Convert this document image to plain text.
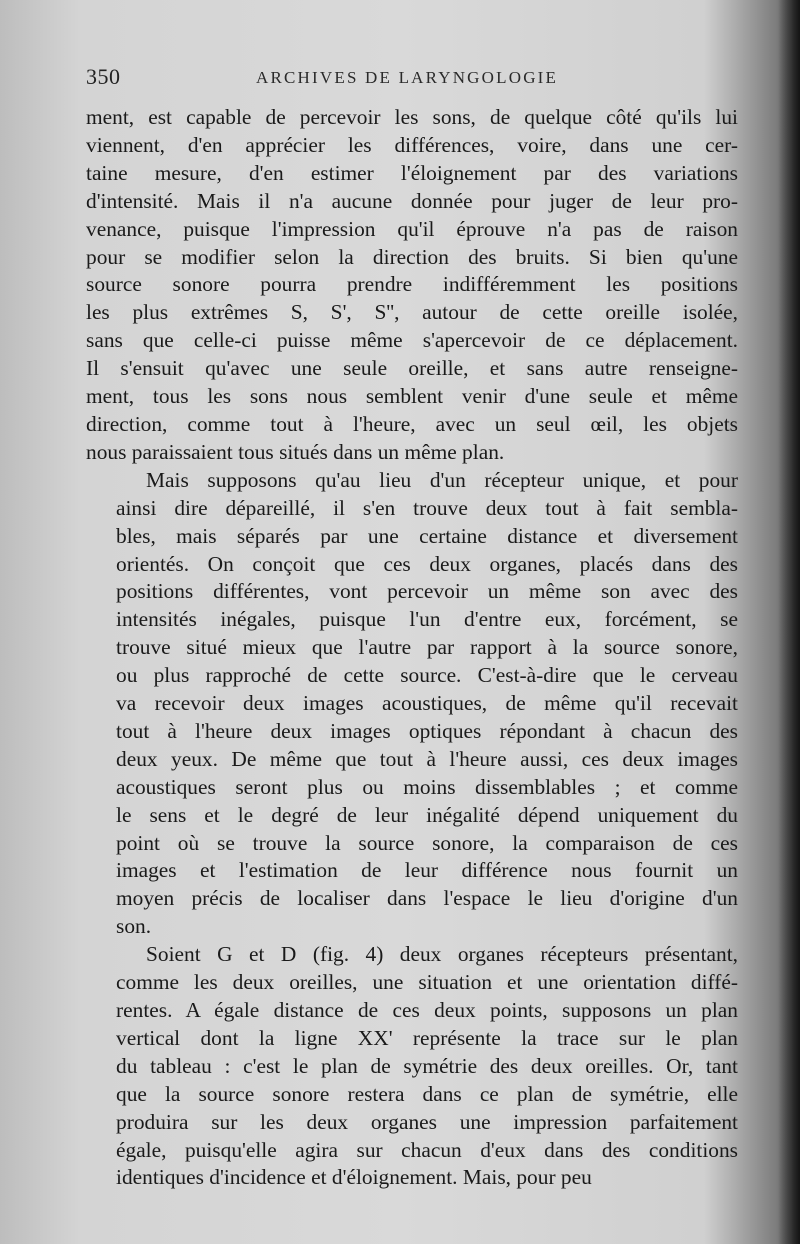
350	ARCHIVES DE LARYNGOLOGIE

ment, est capable de percevoir les sons, de quelque côté qu'ils lui
viennent, d'en apprécier les différences, voire, dans une cer-
taine mesure, d'en estimer l'éloignement par des variations
d'intensité. Mais il n'a aucune donnée pour juger de leur pro-
venance, puisque l'impression qu'il éprouve n'a pas de raison
pour se modifier selon la direction des bruits. Si bien qu'une
source sonore pourra prendre indifféremment les positions
les plus extrêmes S, S', S'', autour de cette oreille isolée,
sans que celle-ci puisse même s'apercevoir de ce déplacement.
Il s'ensuit qu'avec une seule oreille, et sans autre renseigne-
ment, tous les sons nous semblent venir d'une seule et même
direction, comme tout à l'heure, avec un seul œil, les objets
nous paraissaient tous situés dans un même plan.

Mais supposons qu'au lieu d'un récepteur unique, et pour
ainsi dire dépareillé, il s'en trouve deux tout à fait sembla-
bles, mais séparés par une certaine distance et diversement
orientés. On conçoit que ces deux organes, placés dans des
positions différentes, vont percevoir un même son avec des
intensités inégales, puisque l'un d'entre eux, forcément, se
trouve situé mieux que l'autre par rapport à la source sonore,
ou plus rapproché de cette source. C'est-à-dire que le cerveau
va recevoir deux images acoustiques, de même qu'il recevait
tout à l'heure deux images optiques répondant à chacun des
deux yeux. De même que tout à l'heure aussi, ces deux images
acoustiques seront plus ou moins dissemblables ; et comme
le sens et le degré de leur inégalité dépend uniquement du
point où se trouve la source sonore, la comparaison de ces
images et l'estimation de leur différence nous fournit un
moyen précis de localiser dans l'espace le lieu d'origine d'un
son.

Soient G et D (fig. 4) deux organes récepteurs présentant,
comme les deux oreilles, une situation et une orientation diffé-
rentes. A égale distance de ces deux points, supposons un plan
vertical dont la ligne XX' représente la trace sur le plan
du tableau : c'est le plan de symétrie des deux oreilles. Or, tant
que la source sonore restera dans ce plan de symétrie, elle
produira sur les deux organes une impression parfaitement
égale, puisqu'elle agira sur chacun d'eux dans des conditions
identiques d'incidence et d'éloignement. Mais, pour peu
